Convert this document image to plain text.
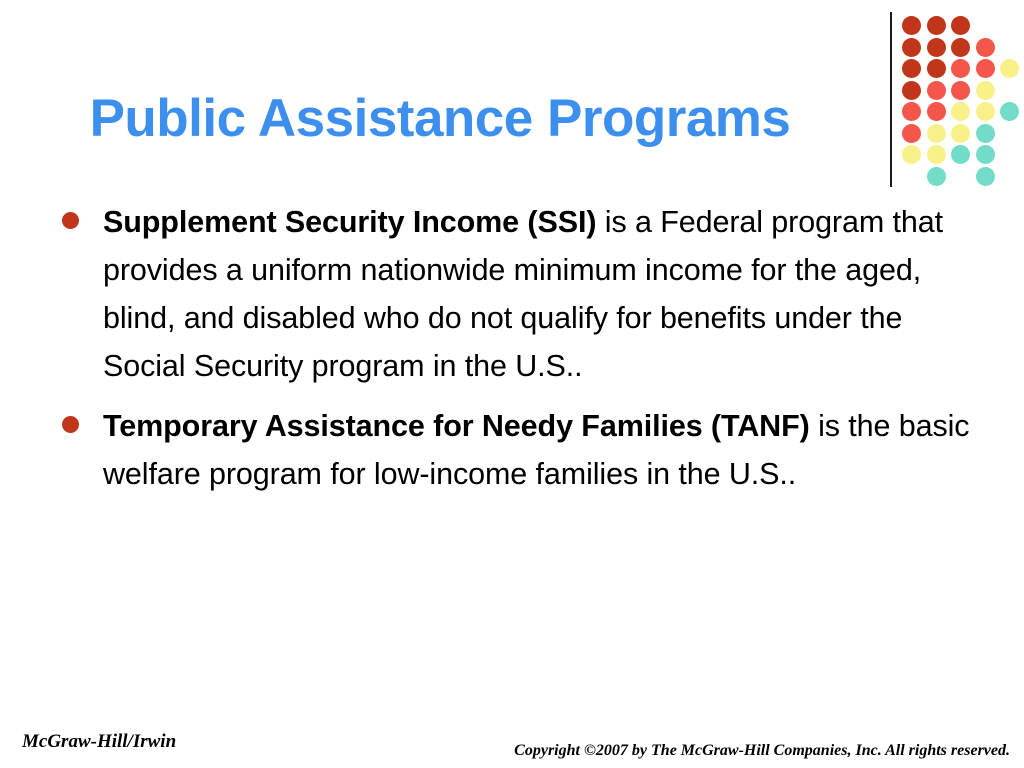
Public Assistance Programs
Supplement Security Income (SSI) is a Federal program that provides a uniform nationwide minimum income for the aged, blind, and disabled who do not qualify for benefits under the Social Security program in the U.S..
Temporary Assistance for Needy Families (TANF) is the basic welfare program for low-income families in the U.S..
McGraw-Hill/Irwin	Copyright ©2007 by The McGraw-Hill Companies, Inc. All rights reserved.
